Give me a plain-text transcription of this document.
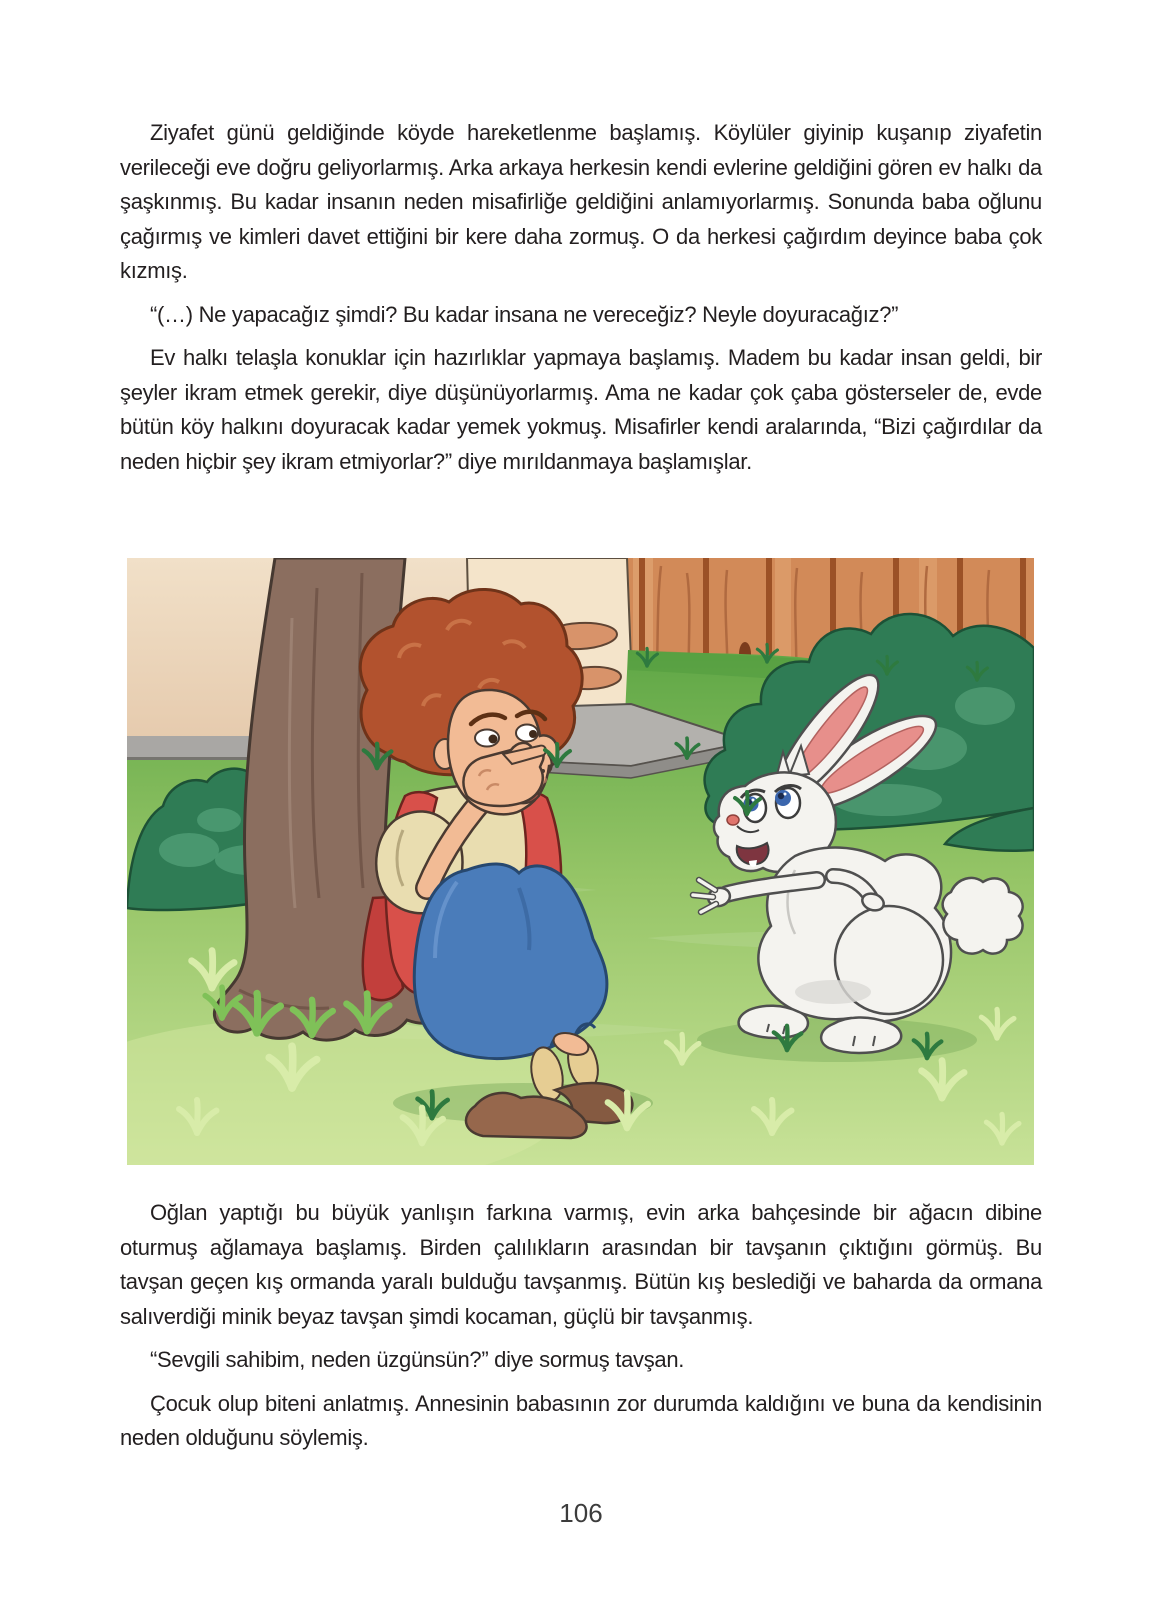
Ziyafet günü geldiğinde köyde hareketlenme başlamış. Köylüler giyinip kuşanıp ziyafetin verileceği eve doğru geliyorlarmış. Arka arkaya herkesin kendi evlerine geldiğini gören ev halkı da şaşkınmış. Bu kadar insanın neden misafirliğe geldiğini anlamıyorlarmış. Sonunda baba oğlunu çağırmış ve kimleri davet ettiğini bir kere daha zormuş. O da herkesi çağırdım deyince baba çok kızmış.

“(…) Ne yapacağız şimdi? Bu kadar insana ne vereceğiz? Neyle doyuracağız?”

Ev halkı telaşla konuklar için hazırlıklar yapmaya başlamış. Madem bu kadar insan geldi, bir şeyler ikram etmek gerekir, diye düşünüyorlarmış. Ama ne kadar çok çaba gösterseler de, evde bütün köy halkını doyuracak kadar yemek yokmuş. Misafirler kendi aralarında, “Bizi çağırdılar da neden hiçbir şey ikram etmiyorlar?” diye mırıldanmaya başlamışlar.

Oğlan yaptığı bu büyük yanlışın farkına varmış, evin arka bahçesinde bir ağacın dibine oturmuş ağlamaya başlamış. Birden çalılıkların arasından bir tavşanın çıktığını görmüş. Bu tavşan geçen kış ormanda yaralı bulduğu tavşanmış. Bütün kış beslediği ve baharda da ormana salıverdiği minik beyaz tavşan şimdi kocaman, güçlü bir tavşanmış.

“Sevgili sahibim, neden üzgünsün?” diye sormuş tavşan.

Çocuk olup biteni anlatmış. Annesinin babasının zor durumda kaldığını ve buna da kendisinin neden olduğunu söylemiş.

106
